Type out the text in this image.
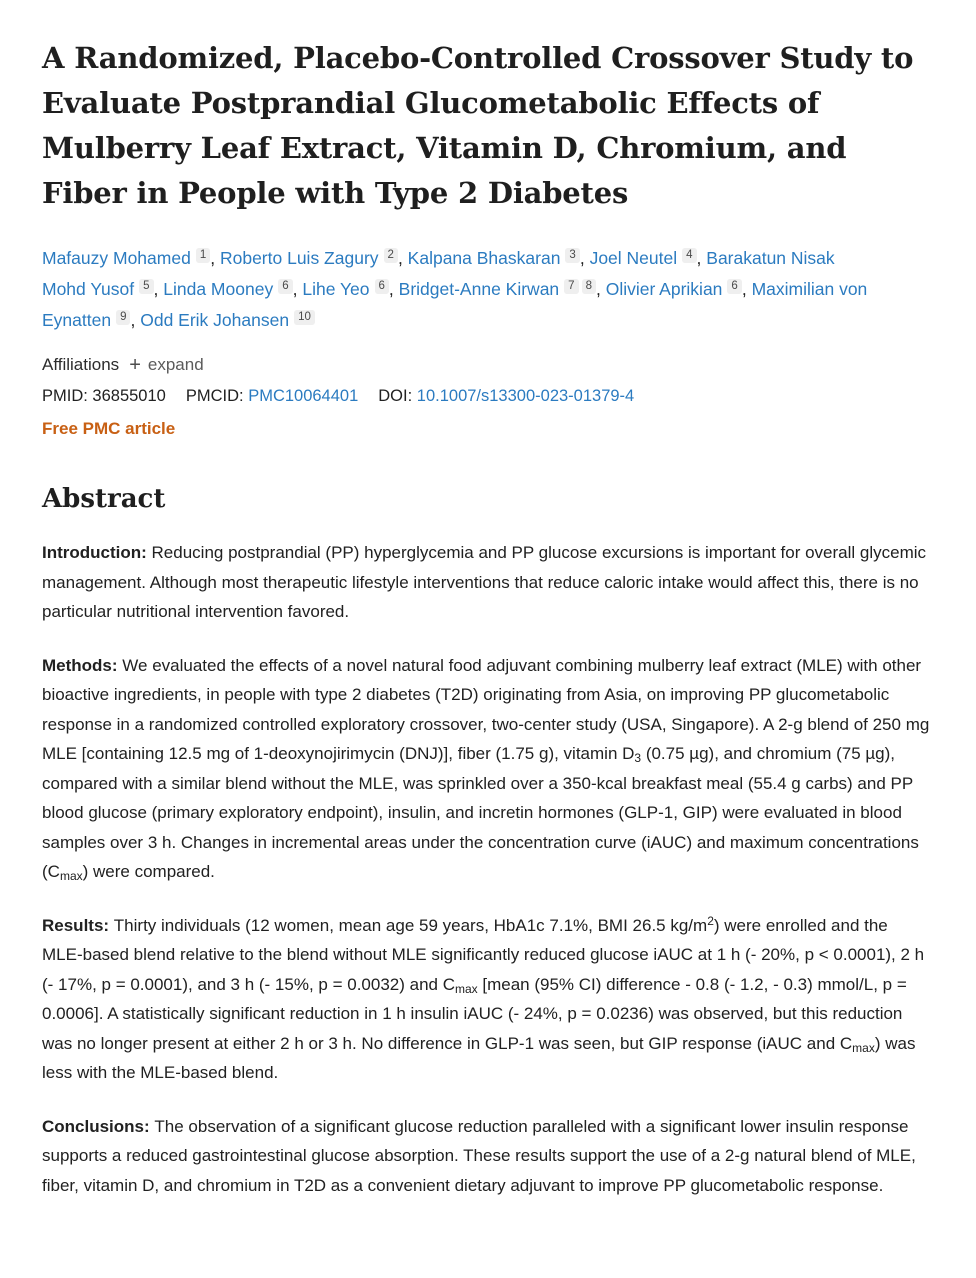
A Randomized, Placebo-Controlled Crossover Study to Evaluate Postprandial Glucometabolic Effects of Mulberry Leaf Extract, Vitamin D, Chromium, and Fiber in People with Type 2 Diabetes
Mafauzy Mohamed $^1$ , Roberto Luis Zagury $^2$ , Kalpana Bhaskaran $^3$ , Joel Neutel $^4$ , Barakatun Nisak Mohd Yusof $^5$ , Linda Mooney $^6$ , Lihe Yeo $^6$ , Bridget-Anne Kirwan $^7$ $^8$ , Olivier Aprikian $^6$ , Maximilian von Eynatten $^9$ , Odd Erik Johansen $^{10}$
Affiliations + expand
PMID: 36855010 PMCID: PMC10064401 DOI: 10.1007/s13300-023-01379-4
Free PMC article
Abstract

Introduction: Reducing postprandial (PP) hyperglycemia and PP glucose excursions is important for overall glycemic management. Although most therapeutic lifestyle interventions that reduce caloric intake would affect this, there is no particular nutritional intervention favored.

Methods: We evaluated the effects of a novel natural food adjuvant combining mulberry leaf extract (MLE) with other bioactive ingredients, in people with type 2 diabetes (T2D) originating from Asia, on improving PP glucometabolic response in a randomized controlled exploratory crossover, two-center study (USA, Singapore). A 2-g blend of 250 mg MLE [containing 12.5 mg of 1-deoxynojirimycin (DNJ)], fiber (1.75 g), vitamin $D_3$ (0.75 µg), and chromium (75 µg), compared with a similar blend without the MLE, was sprinkled over a 350-kcal breakfast meal (55.4 g carbs) and PP blood glucose (primary exploratory endpoint), insulin, and incretin hormones (GLP-1, GIP) were evaluated in blood samples over 3 h. Changes in incremental areas under the concentration curve (iAUC) and maximum concentrations $(C_{max})$ were compared.

Results: Thirty individuals (12 women, mean age 59 years, HbA1c 7.1%, BMI 26.5 $kg/m^2$) were enrolled and the MLE-based blend relative to the blend without MLE significantly reduced glucose iAUC at 1 h (- 20%, p < 0.0001), 2 h (- 17%, p = 0.0001), and 3 h (- 15%, p = 0.0032) and $C_{max}$ [mean (95% CI) difference - 0.8 (- 1.2, - 0.3) mmol/L, p = 0.0006]. A statistically significant reduction in 1 h insulin iAUC (- 24%, p = 0.0236) was observed, but this reduction was no longer present at either 2 h or 3 h. No difference in GLP-1 was seen, but GIP response (iAUC and $C_{max}$) was less with the MLE-based blend.

Conclusions: The observation of a significant glucose reduction paralleled with a significant lower insulin response supports a reduced gastrointestinal glucose absorption. These results support the use of a 2-g natural blend of MLE, fiber, vitamin D, and chromium in T2D as a convenient dietary adjuvant to improve PP glucometabolic response.
